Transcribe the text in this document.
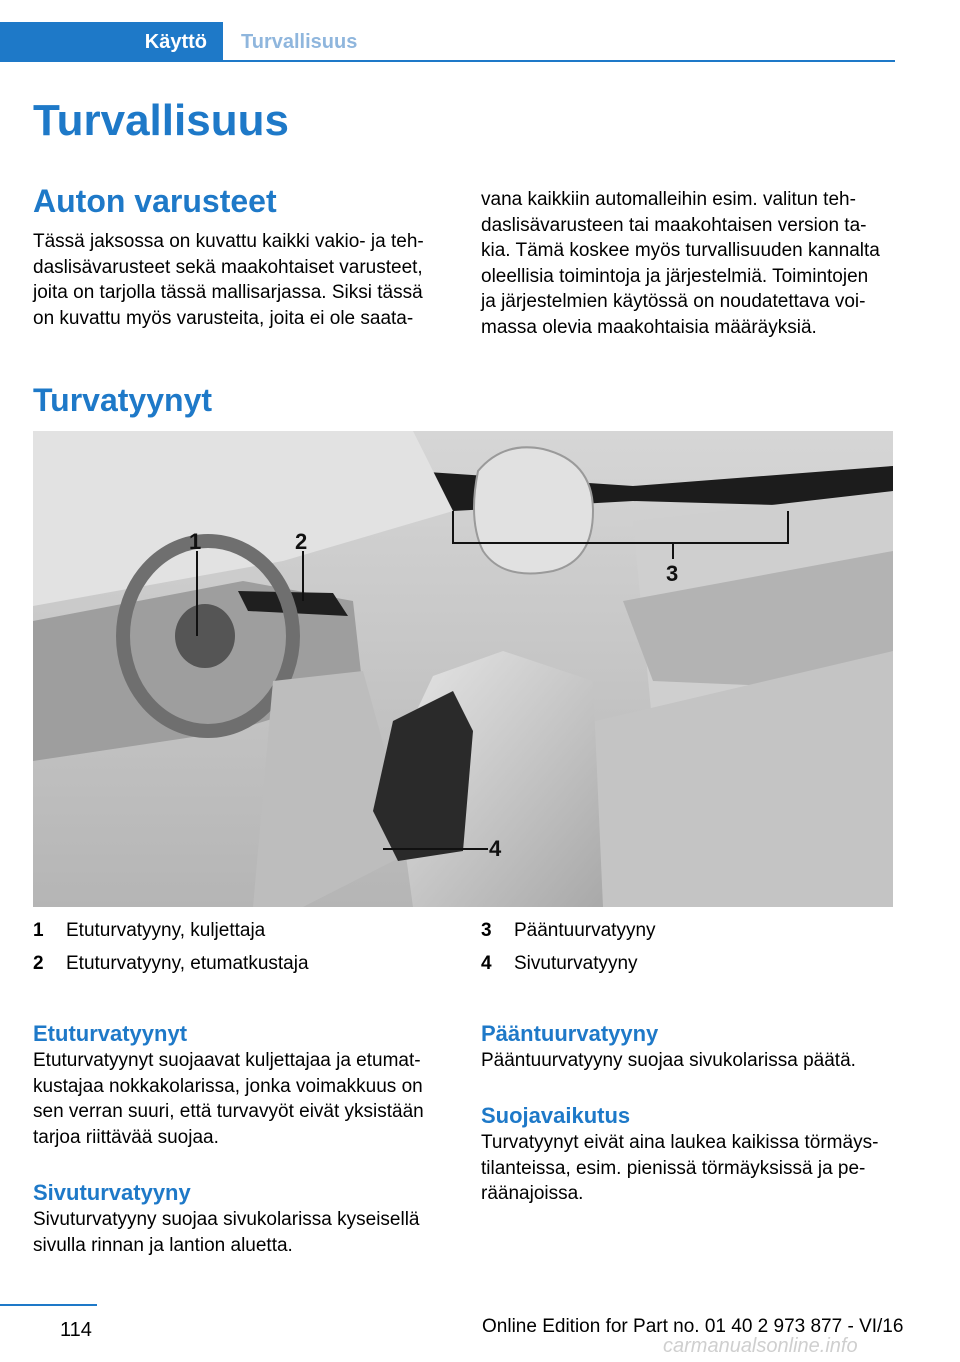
Käyttö Turvallisuus
Turvallisuus
Auton varusteet
Tässä jaksossa on kuvattu kaikki vakio- ja teh-
daslisävarusteet sekä maakohtaiset varusteet,
joita on tarjolla tässä mallisarjassa. Siksi tässä
on kuvattu myös varusteita, joita ei ole saata-
vana kaikkiin automalleihin esim. valitun teh-
daslisävarusteen tai maakohtaisen version ta-
kia. Tämä koskee myös turvallisuuden kannalta
oleellisia toimintoja ja järjestelmiä. Toimintojen
ja järjestelmien käytössä on noudatettava voi-
massa olevia maakohtaisia määräyksiä.
Turvatyynyt
1	2
3
4
1 Etuturvatyyny, kuljettaja
2 Etuturvatyyny, etumatkustaja
3 Pääntuurvatyyny
4 Sivuturvatyyny
Etuturvatyynyt
Etuturvatyynyt suojaavat kuljettajaa ja etumat-
kustajaa nokkakolarissa, jonka voimakkuus on
sen verran suuri, että turvavyöt eivät yksistään
tarjoa riittävää suojaa.
Sivuturvatyyny
Sivuturvatyyny suojaa sivukolarissa kyseisellä
sivulla rinnan ja lantion aluetta.
Pääntuurvatyyny
Pääntuurvatyyny suojaa sivukolarissa päätä.
Suojavaikutus
Turvatyynyt eivät aina laukea kaikissa törmäys-
tilanteissa, esim. pienissä törmäyksissä ja pe-
räänajoissa.
114	Online Edition for Part no. 01 40 2 973 877 - VI/16
carmanualsonline.info
